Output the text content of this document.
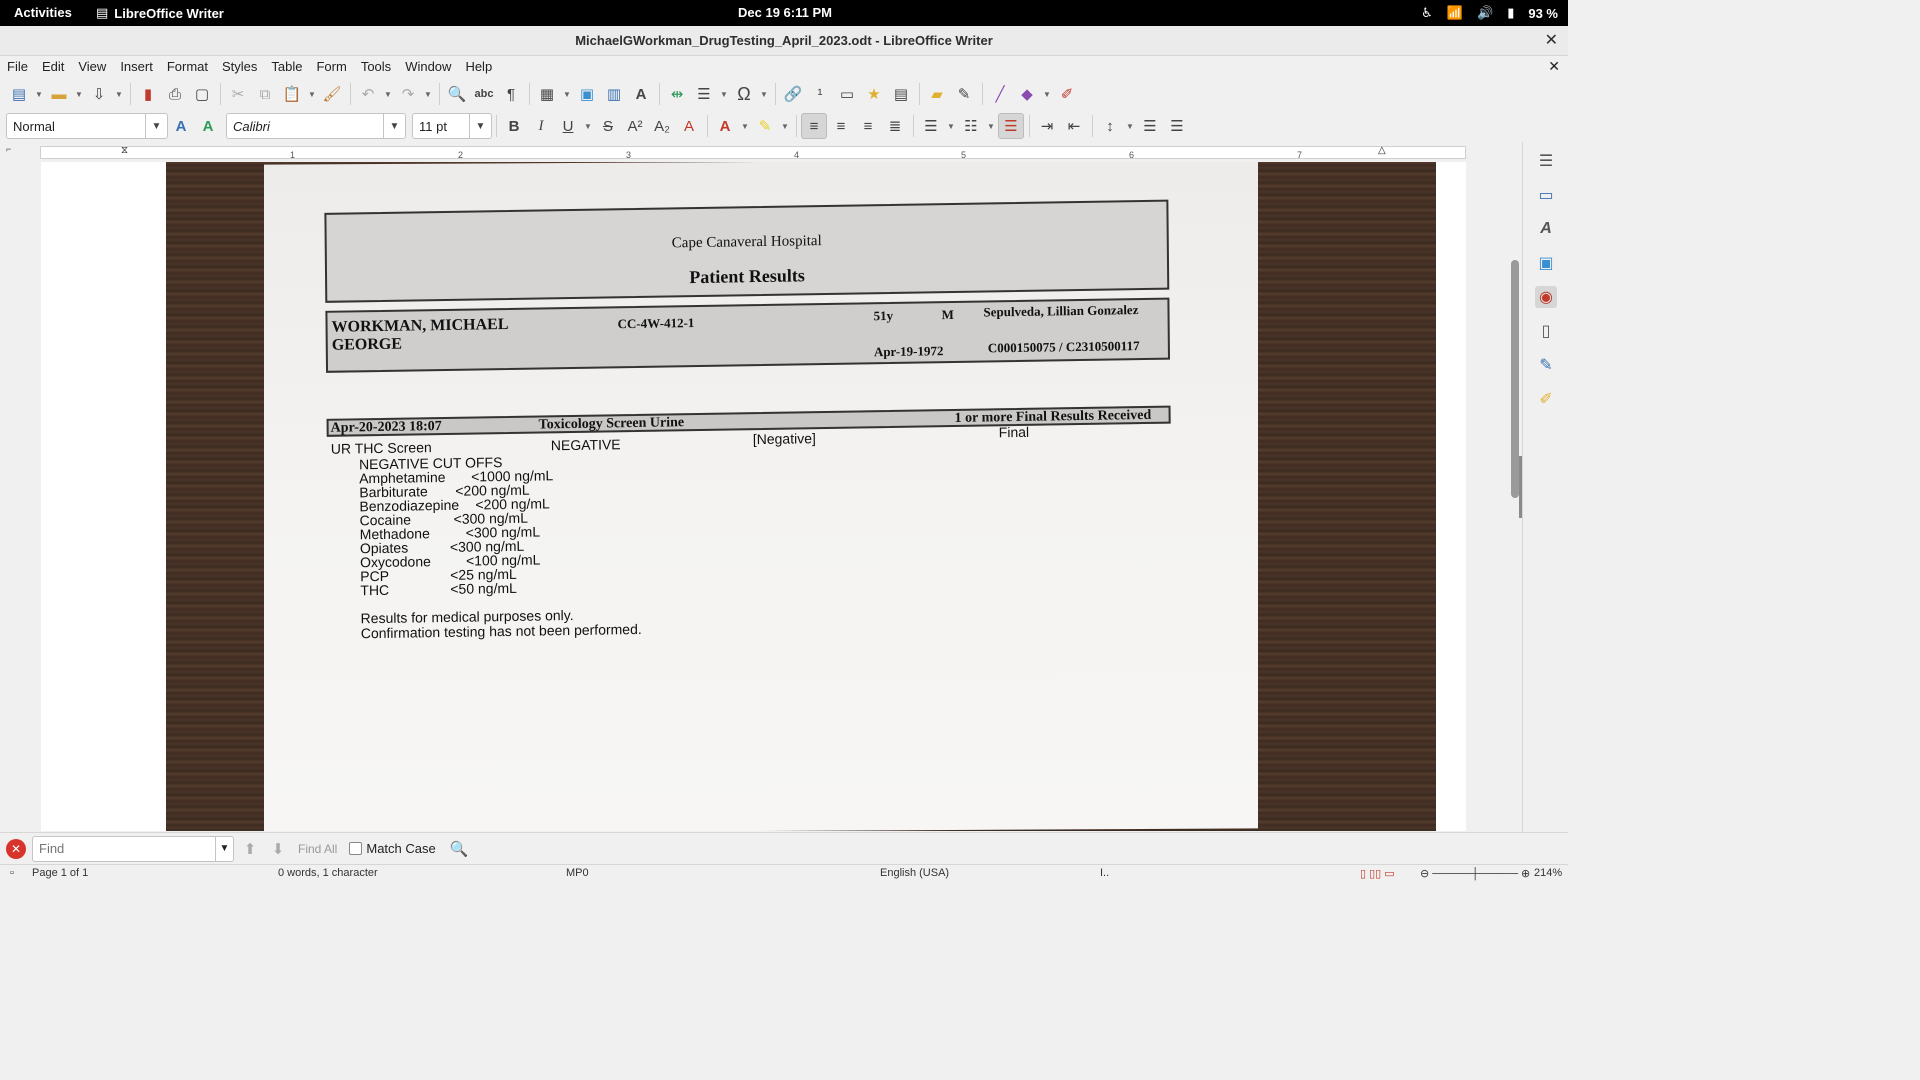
Activities ▤ LibreOffice Writer	Dec 19 6:11 PM	♿ 📶 🔊 ▮ 93 %
MichaelGWorkman_DrugTesting_April_2023.odt - LibreOffice Writer	✕
File	Edit	View	Insert	Format	Styles	Table	Form	Tools	Window	Help	✕
▤	▼ ▬	▼ ⇩	▼	▮	⎙ ▢	✂	⧉ 📋 ▼ 🖌	↶	▼ ↷	▼ 🔍 abc ¶	▦	▼ ▣ ▥ A	⇹ ☰	▼ Ω	▼ 🔗	¹	▭ ★ ▤	▰ ✎	╱	◆	▼ ✐
Normal	▼ A	A	Calibri	▼	11 pt	▼	B	I	U	▼ S A² A₂ A	A	▼ ✎	▼	≡	≡	≡	≣	☰	▼ ☷	▼ ☰	⇥ ⇤	↕	▼ ☰ ☰
⌐
1	2	3	4	5	6	7
⧖	△
Cape Canaveral Hospital
Patient Results
WORKMAN, MICHAEL
GEORGE
CC-4W-412-1	51y	M Sepulveda, Lillian Gonzalez
Apr-19-1972	C000150075 / C2310500117
Apr-20-2023 18:07	Toxicology Screen Urine	1 or more Final Results Received
UR THC Screen	NEGATIVE	[Negative]	Final
NEGATIVE CUT OFFS
Amphetamine <1000 ng/mL
Barbiturate <200 ng/mL
Benzodiazepine <200 ng/mL
Cocaine	<300 ng/mL
Methadone	<300 ng/mL
Opiates	<300 ng/mL
Oxycodone	<100 ng/mL
PCP	<25 ng/mL
THC	<50 ng/mL
Results for medical purposes only.
Confirmation testing has not been performed.
☰
▭
A
▣
◉
▯
✎
✐
✕
Find	▼ ⬆	⬇	Find All Match Case 🔍
▫ Page 1 of 1	0 words, 1 character	MP0	English (USA)	I..	▯ ▯▯ ▭ ⊖ ─────┼───── ⊕ 214%
